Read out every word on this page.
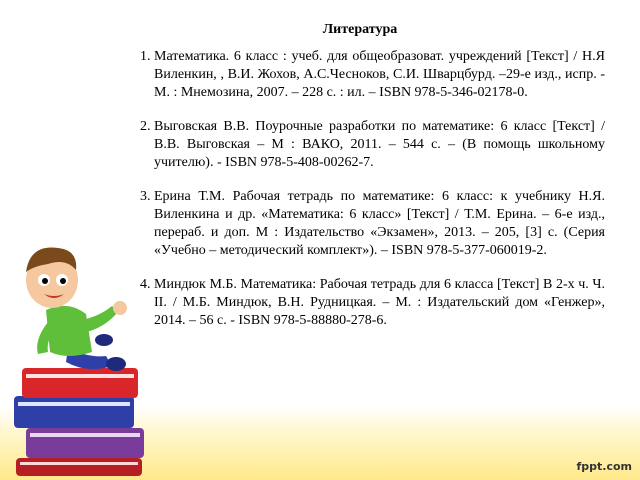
Литература
1. Математика. 6 класс : учеб. для общеобразоват. учреждений [Текст] / Н.Я Виленкин, , В.И. Жохов, А.С.Чесноков, С.И. Шварцбурд. –29-е изд., испр. - М. : Мнемозина, 2007. – 228 с. : ил. – ISBN 978-5-346-02178-0.
2. Выговская В.В. Поурочные разработки по математике: 6 класс [Текст] / В.В. Выговская – М : ВАКО, 2011. – 544 с. – (В помощь школьному учителю). - ISBN 978-5-408-00262-7.
3. Ерина Т.М. Рабочая тетрадь по математике: 6 класс: к учебнику Н.Я. Виленкина и др. «Математика: 6 класс» [Текст] / Т.М. Ерина. – 6-е изд., перераб. и доп. М : Издательство «Экзамен», 2013. – 205, [3] с. (Серия «Учебно – методический комплект»). – ISBN 978-5-377-060019-2.
4. Миндюк М.Б. Математика: Рабочая тетрадь для 6 класса [Текст] В 2-х ч. Ч. II. / М.Б. Миндюк, В.Н. Рудницкая. – М. : Издательский дом «Генжер», 2014. – 56 с. - ISBN 978-5-88880-278-6.
fppt.com
